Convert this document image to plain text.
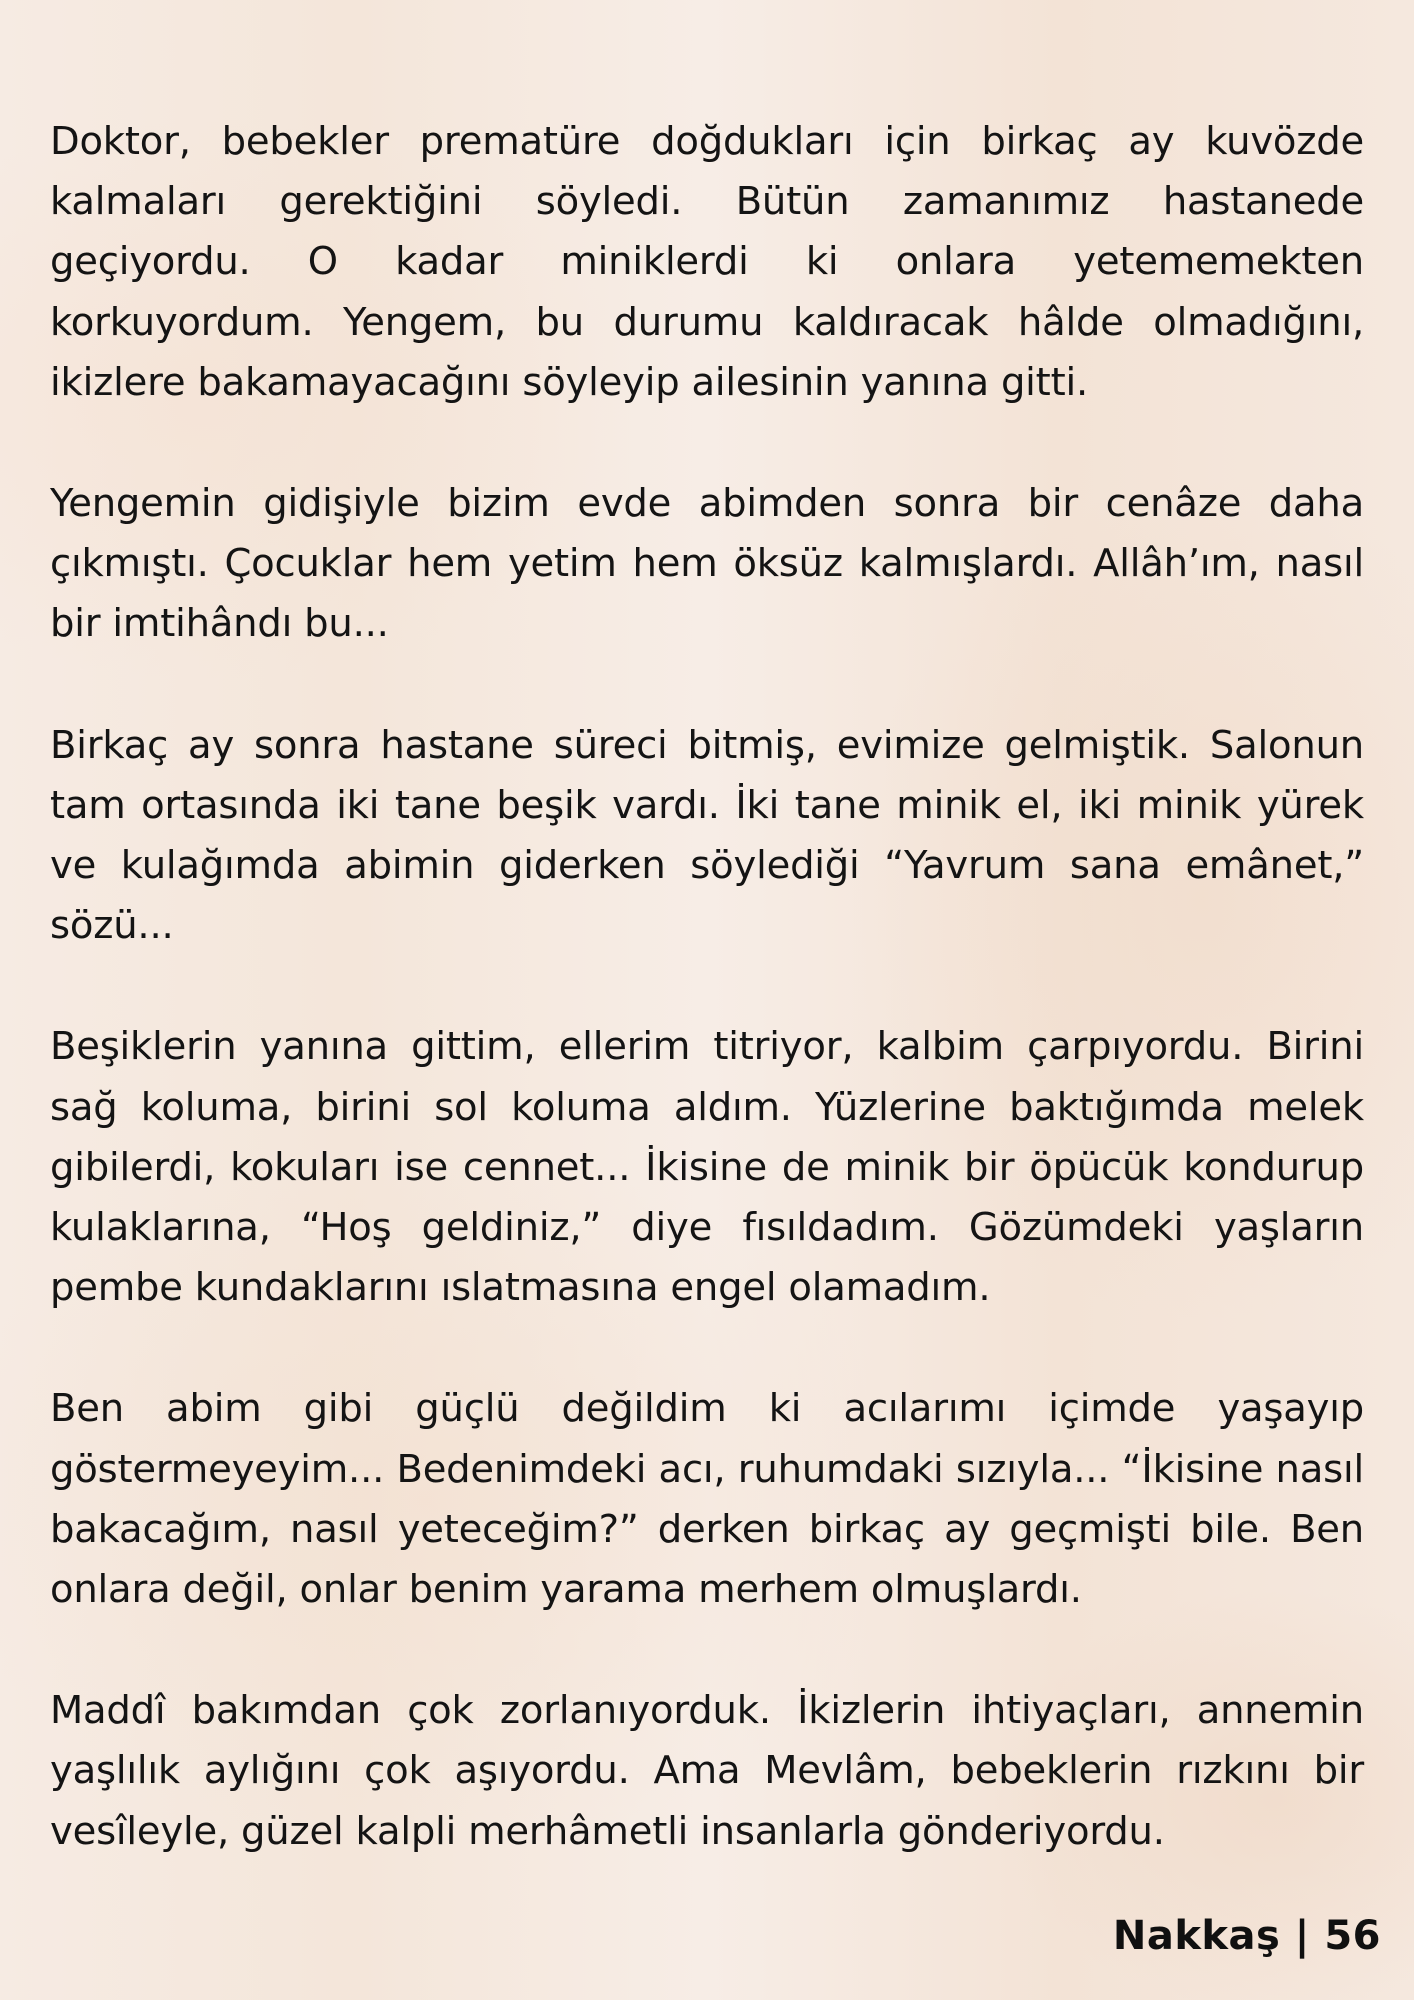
Doktor, bebekler prematüre doğdukları için birkaç ay kuvözde kalmaları gerektiğini söyledi. Bütün zamanımız hastanede geçiyordu. O kadar miniklerdi ki onlara yetememekten korkuyordum. Yengem, bu durumu kaldıracak hâlde olmadığını, ikizlere bakamayacağını söyleyip ailesinin yanına gitti.

Yengemin gidişiyle bizim evde abimden sonra bir cenâze daha çıkmıştı. Çocuklar hem yetim hem öksüz kalmışlardı. Allâh’ım, nasıl bir imtihândı bu...

Birkaç ay sonra hastane süreci bitmiş, evimize gelmiştik. Salonun tam ortasında iki tane beşik vardı. İki tane minik el, iki minik yürek ve kulağımda abimin giderken söylediği “Yavrum sana emânet,” sözü...

Beşiklerin yanına gittim, ellerim titriyor, kalbim çarpıyordu. Birini sağ koluma, birini sol koluma aldım. Yüzlerine baktığımda melek gibilerdi, kokuları ise cennet... İkisine de minik bir öpücük kondurup kulaklarına, “Hoş geldiniz,” diye fısıldadım. Gözümdeki yaşların pembe kundaklarını ıslatmasına engel olamadım.

Ben abim gibi güçlü değildim ki acılarımı içimde yaşayıp göstermeyeyim... Bedenimdeki acı, ruhumdaki sızıyla... “İkisine nasıl bakacağım, nasıl yeteceğim?” derken birkaç ay geçmişti bile. Ben onlara değil, onlar benim yarama merhem olmuşlardı.

Maddî bakımdan çok zorlanıyorduk. İkizlerin ihtiyaçları, annemin yaşlılık aylığını çok aşıyordu. Ama Mevlâm, bebeklerin rızkını bir vesîleyle, güzel kalpli merhâmetli insanlarla gönderiyordu.

Nakkaş | 56
